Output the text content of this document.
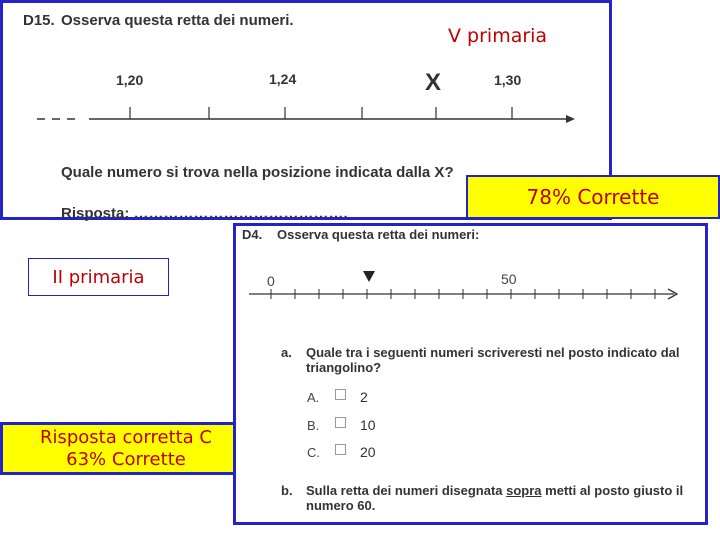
D15. Osserva questa retta dei numeri.
V primaria
1,20	1,24	X	1,30
Quale numero si trova nella posizione indicata dalla X?
Risposta: …………………………………….
78% Corrette
II primaria
Risposta corretta C
63% Corrette
D4. Osserva questa retta dei numeri:
0	50
a. Quale tra i seguenti numeri scriveresti nel posto indicato dal
triangolino?
A.	2
B.	10
C.	20
b. Sulla retta dei numeri disegnata sopra metti al posto giusto il
numero 60.
